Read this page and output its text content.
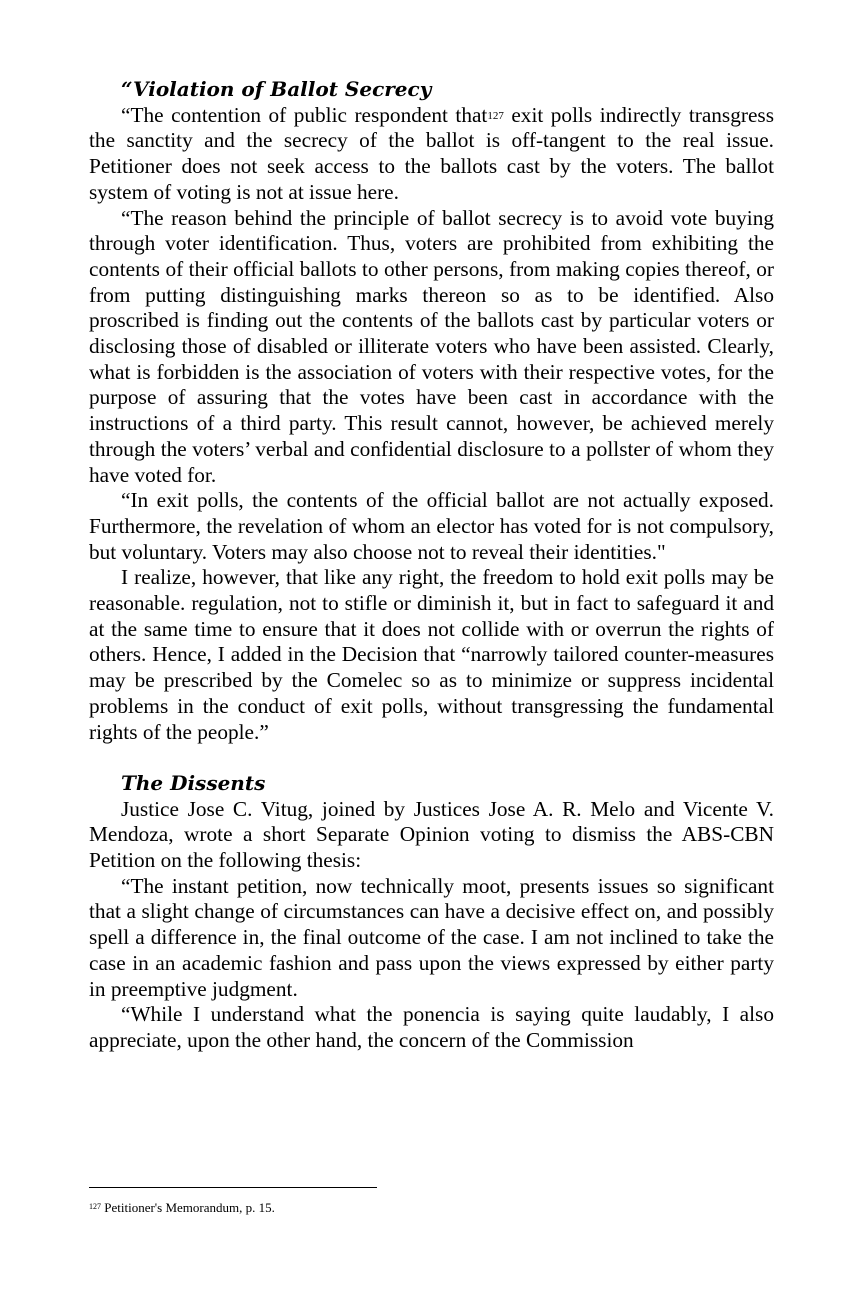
“Violation of Ballot Secrecy

“The contention of public respondent that$^{127}$ exit polls indirectly transgress the sanctity and the secrecy of the ballot is off-tangent to the real issue. Petitioner does not seek access to the ballots cast by the voters. The ballot system of voting is not at issue here.

“The reason behind the principle of ballot secrecy is to avoid vote buying through voter identification. Thus, voters are prohibited from exhibiting the contents of their official ballots to other persons, from making copies thereof, or from putting distinguishing marks thereon so as to be identified. Also proscribed is finding out the contents of the ballots cast by particular voters or disclosing those of disabled or illiterate voters who have been assisted. Clearly, what is forbidden is the association of voters with their respective votes, for the purpose of assuring that the votes have been cast in accordance with the instructions of a third party. This result cannot, however, be achieved merely through the voters’ verbal and confidential disclosure to a pollster of whom they have voted for.

“In exit polls, the contents of the official ballot are not actually exposed. Furthermore, the revelation of whom an elector has voted for is not compulsory, but voluntary. Voters may also choose not to reveal their identities."

I realize, however, that like any right, the freedom to hold exit polls may be reasonable. regulation, not to stifle or diminish it, but in fact to safeguard it and at the same time to ensure that it does not collide with or overrun the rights of others. Hence, I added in the Decision that “narrowly tailored counter-measures may be prescribed by the Comelec so as to minimize or suppress incidental problems in the conduct of exit polls, without transgressing the fundamental rights of the people.”

The Dissents

Justice Jose C. Vitug, joined by Justices Jose A. R. Melo and Vicente V. Mendoza, wrote a short Separate Opinion voting to dismiss the ABS-CBN Petition on the following thesis:

“The instant petition, now technically moot, presents issues so significant that a slight change of circumstances can have a decisive effect on, and possibly spell a difference in, the final outcome of the case. I am not inclined to take the case in an academic fashion and pass upon the views expressed by either party in preemptive judgment.

“While I understand what the ponencia is saying quite laudably, I also appreciate, upon the other hand, the concern of the Commission

$^{127}$ Petitioner's Memorandum, p. 15.
